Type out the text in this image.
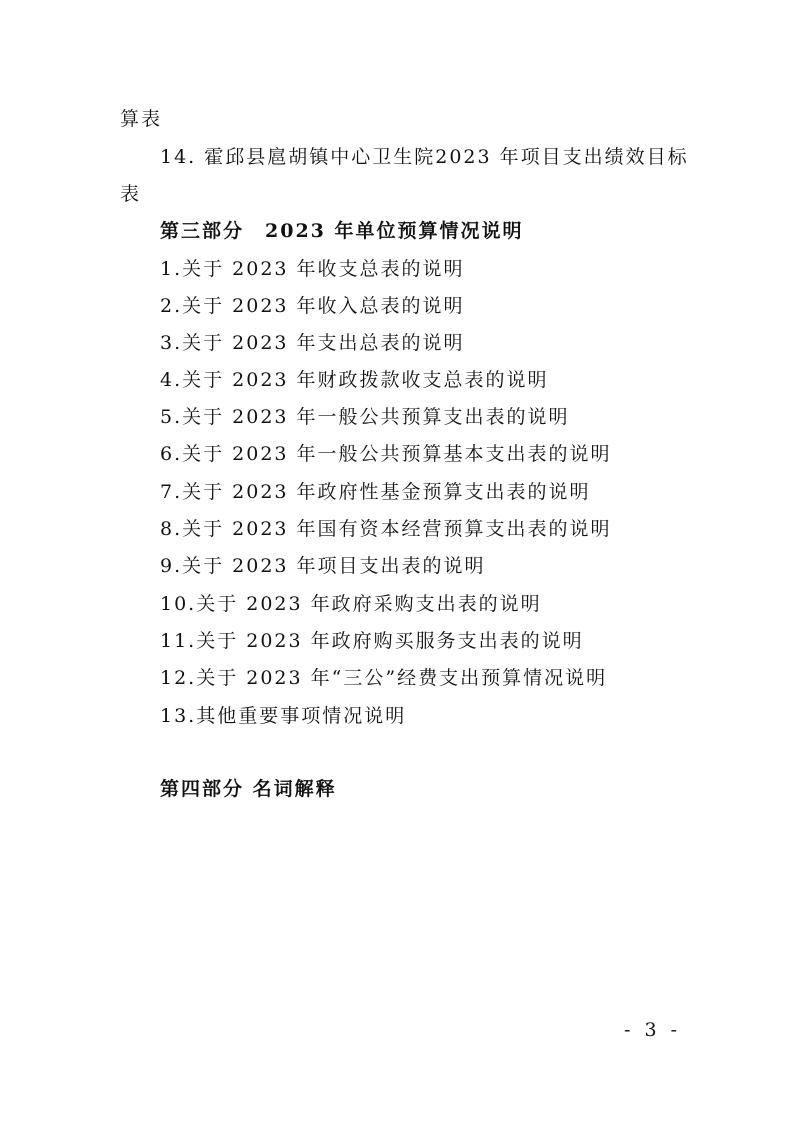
算表
14. 霍邱县扈胡镇中心卫生院2023 年项目支出绩效目标
表
第三部分　2023 年单位预算情况说明
1.关于 2023 年收支总表的说明
2.关于 2023 年收入总表的说明
3.关于 2023 年支出总表的说明
4.关于 2023 年财政拨款收支总表的说明
5.关于 2023 年一般公共预算支出表的说明
6.关于 2023 年一般公共预算基本支出表的说明
7.关于 2023 年政府性基金预算支出表的说明
8.关于 2023 年国有资本经营预算支出表的说明
9.关于 2023 年项目支出表的说明
10.关于 2023 年政府采购支出表的说明
11.关于 2023 年政府购买服务支出表的说明
12.关于 2023 年“三公”经费支出预算情况说明
13.其他重要事项情况说明
第四部分 名词解释
- 3 -
